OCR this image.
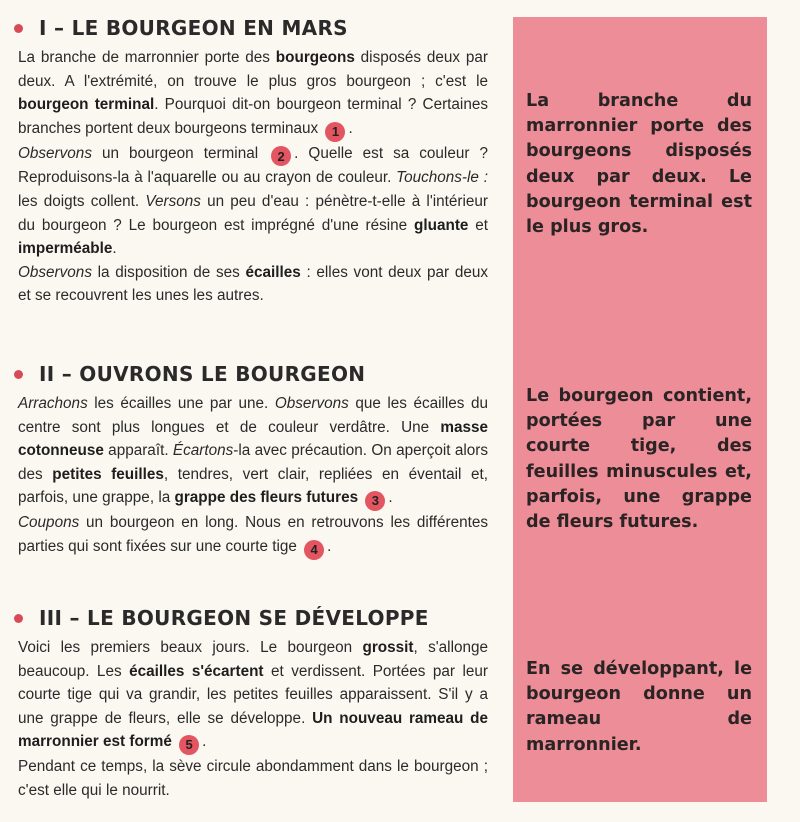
I – LE BOURGEON EN MARS

La branche de marronnier porte des bourgeons disposés deux par deux. A l'extrémité, on trouve le plus gros bourgeon ; c'est le bourgeon terminal. Pourquoi dit-on bourgeon terminal ? Certaines branches portent deux bourgeons terminaux 1 .

Observons un bourgeon terminal 2 . Quelle est sa couleur ? Reproduisons-la à l'aquarelle ou au crayon de couleur. Touchons-le : les doigts collent. Versons un peu d'eau : pénètre-t-elle à l'intérieur du bourgeon ? Le bourgeon est imprégné d'une résine gluante et imperméable.

Observons la disposition de ses écailles : elles vont deux par deux et se recouvrent les unes les autres.

II – OUVRONS LE BOURGEON

Arrachons les écailles une par une. Observons que les écailles du centre sont plus longues et de couleur verdâtre. Une masse cotonneuse apparaît. Écartons-la avec précaution. On aperçoit alors des petites feuilles, tendres, vert clair, repliées en éventail et, parfois, une grappe, la grappe des fleurs futures 3 .

Coupons un bourgeon en long. Nous en retrouvons les différentes parties qui sont fixées sur une courte tige 4 .

III – LE BOURGEON SE DÉVELOPPE

Voici les premiers beaux jours. Le bourgeon grossit, s'allonge beaucoup. Les écailles s'écartent et verdissent. Portées par leur courte tige qui va grandir, les petites feuilles apparaissent. S'il y a une grappe de fleurs, elle se développe. Un nouveau rameau de marronnier est formé 5 .

Pendant ce temps, la sève circule abondamment dans le bourgeon ; c'est elle qui le nourrit.

La branche du marronnier porte des bourgeons disposés deux par deux. Le bourgeon terminal est le plus gros.
Le bourgeon contient, portées par une courte tige, des feuilles minuscules et, parfois, une grappe de fleurs futures.
En se développant, le bourgeon donne un rameau de marronnier.
